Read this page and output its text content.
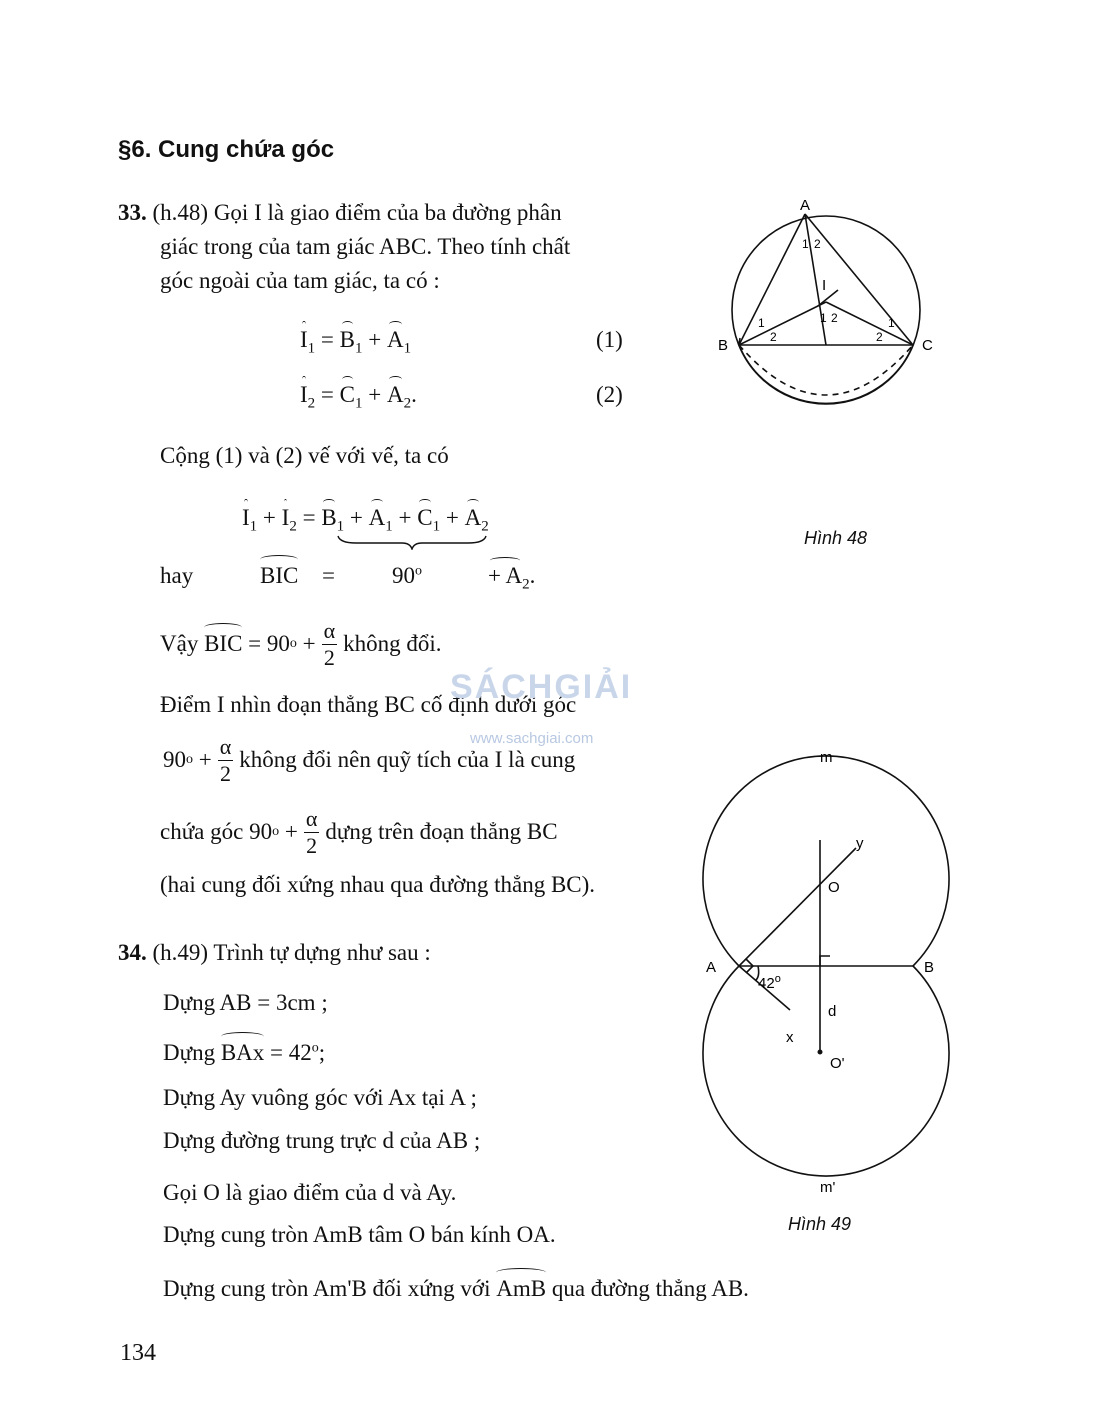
§6. Cung chứa góc
33. (h.48) Gọi I là giao điểm của ba đường phân
giác trong của tam giác ABC. Theo tính chất
góc ngoài của tam giác, ta có :
$I_1 = B_1 + A_1$	(1)
$I_2 = C_1 + A_2$.	(2)
Cộng (1) và (2) vế với vế, ta có
$I_1 + I_2 = B_1 + A_1 + C_1 + A_2$
hay	BIC = $90^o$	+ $A_2$.
Vậy
BIC = 90 $o + \frac{\alpha}{2}$ không đổi.
Điểm I nhìn đoạn thẳng BC cố định dưới góc
90 $o + \frac{\alpha}{2}$ không đổi nên quỹ tích của I là cung
chứa góc 90 $o + \frac{\alpha}{2}$ dựng trên đoạn thẳng BC
(hai cung đối xứng nhau qua đường thẳng BC).
34. (h.49) Trình tự dựng như sau :
Dựng AB = 3cm ;
Dựng BAx = $42^o$;
Dựng Ay vuông góc với Ax tại A ;
Dựng đường trung trực d của AB ;
Gọi O là giao điểm của d và Ay.
Dựng cung tròn AmB tâm O bán kính OA.
Dựng cung tròn Am'B đối xứng với AmB qua đường thẳng AB.
SÁCHGIẢI
www.sachgiai.com
134
A
B	C
I
1 2
1
2
1 2	1
2
Hình 48
m
m'
y
O
A	B
42$^o$
d
x
O'
Hình 49
